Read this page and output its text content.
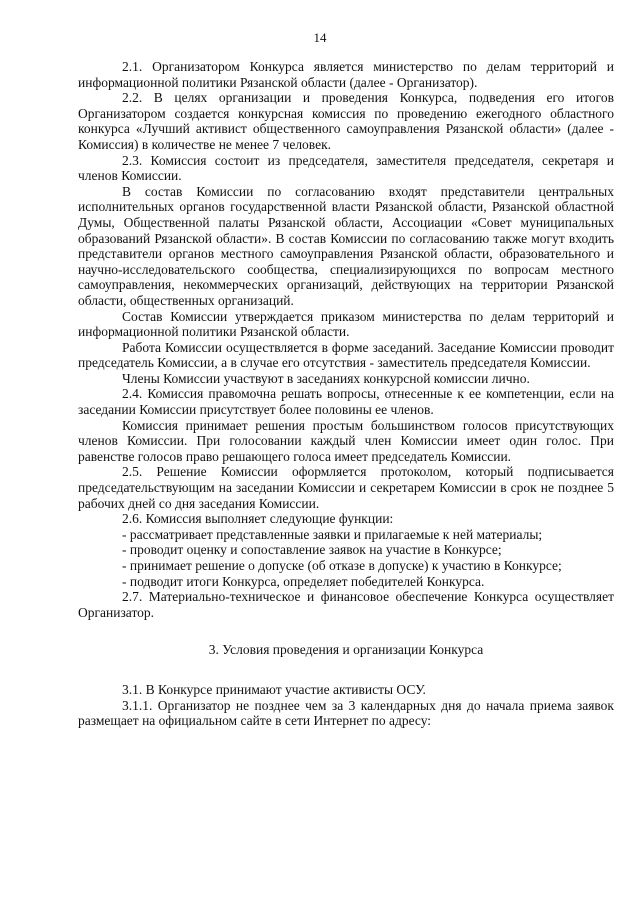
14

2.1. Организатором Конкурса является министерство по делам территорий и информационной политики Рязанской области (далее - Организатор).

2.2. В целях организации и проведения Конкурса, подведения его итогов Организатором создается конкурсная комиссия по проведению ежегодного областного конкурса «Лучший активист общественного самоуправления Рязанской области» (далее - Комиссия) в количестве не менее 7 человек.

2.3. Комиссия состоит из председателя, заместителя председателя, секретаря и членов Комиссии.

В состав Комиссии по согласованию входят представители центральных исполнительных органов государственной власти Рязанской области, Рязанской областной Думы, Общественной палаты Рязанской области, Ассоциации «Совет муниципальных образований Рязанской области». В состав Комиссии по согласованию также могут входить представители органов местного самоуправления Рязанской области, образовательного и научно-исследовательского сообщества, специализирующихся по вопросам местного самоуправления, некоммерческих организаций, действующих на территории Рязанской области, общественных организаций.

Состав Комиссии утверждается приказом министерства по делам территорий и информационной политики Рязанской области.

Работа Комиссии осуществляется в форме заседаний. Заседание Комиссии проводит председатель Комиссии, а в случае его отсутствия - заместитель председателя Комиссии.

Члены Комиссии участвуют в заседаниях конкурсной комиссии лично.

2.4. Комиссия правомочна решать вопросы, отнесенные к ее компетенции, если на заседании Комиссии присутствует более половины ее членов.

Комиссия принимает решения простым большинством голосов присутствующих членов Комиссии. При голосовании каждый член Комиссии имеет один голос. При равенстве голосов право решающего голоса имеет председатель Комиссии.

2.5. Решение Комиссии оформляется протоколом, который подписывается председательствующим на заседании Комиссии и секретарем Комиссии в срок не позднее 5 рабочих дней со дня заседания Комиссии.

2.6. Комиссия выполняет следующие функции:

- рассматривает представленные заявки и прилагаемые к ней материалы;

- проводит оценку и сопоставление заявок на участие в Конкурсе;

- принимает решение о допуске (об отказе в допуске) к участию в Конкурсе;

- подводит итоги Конкурса, определяет победителей Конкурса.

2.7. Материально-техническое и финансовое обеспечение Конкурса осуществляет Организатор.

3. Условия проведения и организации Конкурса

3.1. В Конкурсе принимают участие активисты ОСУ.

3.1.1. Организатор не позднее чем за 3 календарных дня до начала приема заявок размещает на официальном сайте в сети Интернет по адресу:
